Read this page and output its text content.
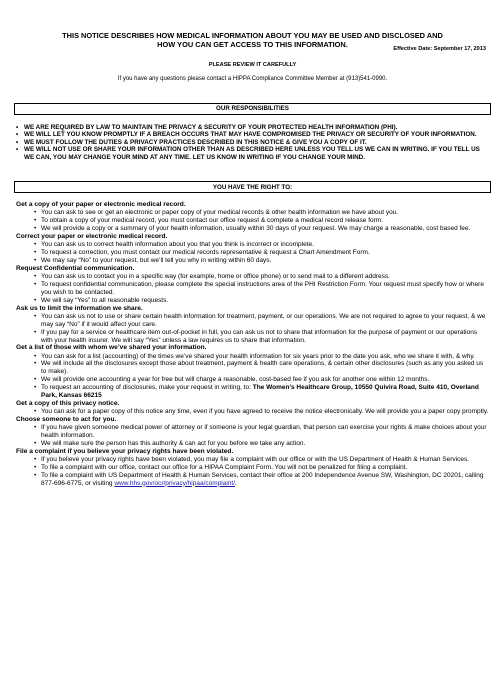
Effective Date: September 17, 2013
THIS NOTICE DESCRIBES HOW MEDICAL INFORMATION ABOUT YOU MAY BE USED AND DISCLOSED AND
HOW YOU CAN GET ACCESS TO THIS INFORMATION.
PLEASE REVIEW IT CAREFULLY
If you have any questions please contact a HIPPA Compliance Committee Member at (913)541-0990.
OUR RESPONSIBILITIES
• WE ARE REQUIRED BY LAW TO MAINTAIN THE PRIVACY & SECURITY OF YOUR PROTECTED HEALTH INFORMATION (PHI).
• WE WILL LET YOU KNOW PROMPTLY IF A BREACH OCCURS THAT MAY HAVE COMPROMISED THE PRIVACY OR SECURITY OF YOUR INFORMATION.
• WE MUST FOLLOW THE DUTIES & PRIVACY PRACTICES DESCRIBED IN THIS NOTICE & GIVE YOU A COPY OF IT.
• WE WILL NOT USE OR SHARE YOUR INFORMATION OTHER THAN AS DESCRIBED HERE UNLESS YOU TELL US WE CAN IN WRITING. IF YOU TELL US WE CAN, YOU MAY CHANGE YOUR MIND AT ANY TIME. LET US KNOW IN WRITING IF YOU CHANGE YOUR MIND.
YOU HAVE THE RIGHT TO:
Get a copy of your paper or electronic medical record.
• You can ask to see or get an electronic or paper copy of your medical records & other health information we have about you.
• To obtain a copy of your medical record, you must contact our office request & complete a medical record release form.
• We will provide a copy or a summary of your health information, usually within 30 days of your request. We may charge a reasonable, cost based fee.
Correct your paper or electronic medical record.
• You can ask us to correct health information about you that you think is incorrect or incomplete.
• To request a correction, you must contact our medical records representative & request a Chart Amendment Form.
• We may say “No” to your request, but we’ll tell you why in writing within 60 days.
Request Confidential communication.
• You can ask us to contact you in a specific way (for example, home or office phone) or to send mail to a different address.
• To request confidential communication, please complete the special instructions area of the PHI Restriction Form. Your request must specify how or where you wish to be contacted.
• We will say “Yes” to all reasonable requests.
Ask us to limit the information we share.
• You can ask us not to use or share certain health information for treatment, payment, or our operations. We are not required to agree to your request, & we may say “No” if it would affect your care.
• If you pay for a service or healthcare item out-of-pocket in full, you can ask us not to share that information for the purpose of payment or our operations with your health insurer. We will say “Yes” unless a law requires us to share that information.
Get a list of those with whom we’ve shared your information.
• You can ask for a list (accounting) of the times we’ve shared your health information for six years prior to the date you ask, who we share it with, & why.
• We will include all the disclosures except those about treatment, payment & health care operations, & certain other disclosures (such as any you asked us to make).
• We will provide one accounting a year for free but will charge a reasonable, cost-based fee if you ask for another one within 12 months.
• To request an accounting of disclosures, make your request in writing, to: The Women’s Healthcare Group, 10550 Quivira Road, Suite 410, Overland Park, Kansas 66215
Get a copy of this privacy notice.
• You can ask for a paper copy of this notice any time, even if you have agreed to receive the notice electronically. We will provide you a paper copy promptly.
Choose someone to act for you.
• If you have given someone medical power of attorney or if someone is your legal guardian, that person can exercise your rights & make choices about your health information.
• We will make sure the person has this authority & can act for you before we take any action.
File a complaint if you believe your privacy rights have been violated.
• If you believe your privacy rights have been violated, you may file a complaint with our office or with the US Department of Health & Human Services.
• To file a complaint with our office, contact our office for a HIPAA Complaint Form. You will not be penalized for filing a complaint.
• To file a complaint with US Department of Health & Human Services, contact their office at 200 Independence Avenue SW, Washington, DC 20201, calling 877-696-6775, or visiting www.hhs.gov/ocr/privacy/hipaa/complaint/.
